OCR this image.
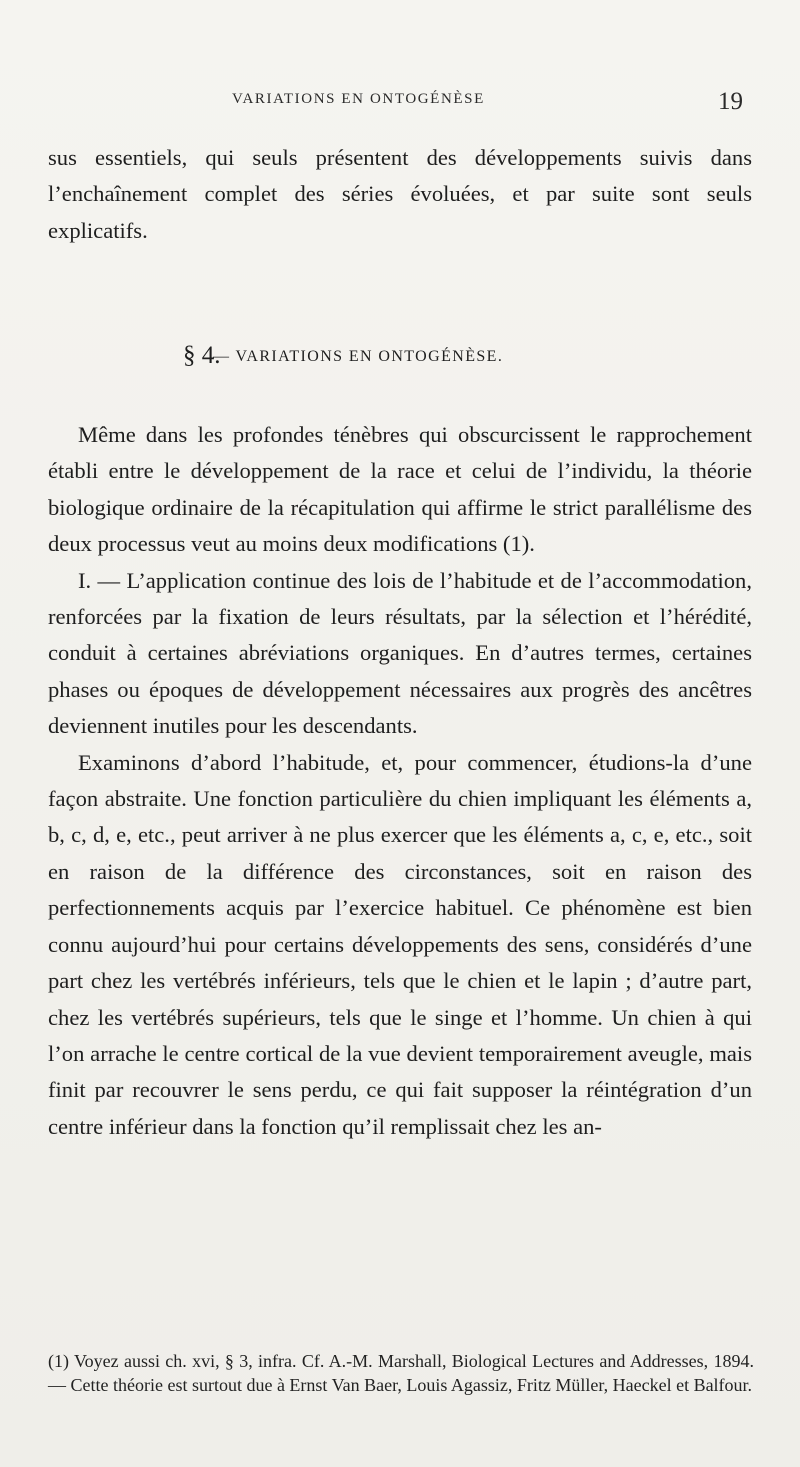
VARIATIONS EN ONTOGÉNÈSE	19

sus essentiels, qui seuls présentent des développements suivis dans l’enchaînement complet des séries évoluées, et par suite sont seuls explicatifs.

§ 4.
— VARIATIONS EN ONTOGÉNÈSE.

Même dans les profondes ténèbres qui obscurcissent le rapprochement établi entre le développement de la race et celui de l’individu, la théorie biologique ordinaire de la récapitulation qui affirme le strict parallélisme des deux processus veut au moins deux modifications (1).

I. — L’application continue des lois de l’habitude et de l’accommodation, renforcées par la fixation de leurs résultats, par la sélection et l’hérédité, conduit à certaines abréviations organiques. En d’autres termes, certaines phases ou époques de développement nécessaires aux progrès des ancêtres deviennent inutiles pour les descendants.

Examinons d’abord l’habitude, et, pour commencer, étudions-la d’une façon abstraite. Une fonction particulière du chien impliquant les éléments a, b, c, d, e, etc., peut arriver à ne plus exercer que les éléments a, c, e, etc., soit en raison de la différence des circonstances, soit en raison des perfectionnements acquis par l’exercice habituel. Ce phénomène est bien connu aujourd’hui pour certains développements des sens, considérés d’une part chez les vertébrés inférieurs, tels que le chien et le lapin ; d’autre part, chez les vertébrés supérieurs, tels que le singe et l’homme. Un chien à qui l’on arrache le centre cortical de la vue devient temporairement aveugle, mais finit par recouvrer le sens perdu, ce qui fait supposer la réintégration d’un centre inférieur dans la fonction qu’il remplissait chez les an-

(1) Voyez aussi ch. xvi, § 3, infra. Cf. A.-M. Marshall, Biological Lectures and Addresses, 1894. — Cette théorie est surtout due à Ernst Van Baer, Louis Agassiz, Fritz Müller, Haeckel et Balfour.
